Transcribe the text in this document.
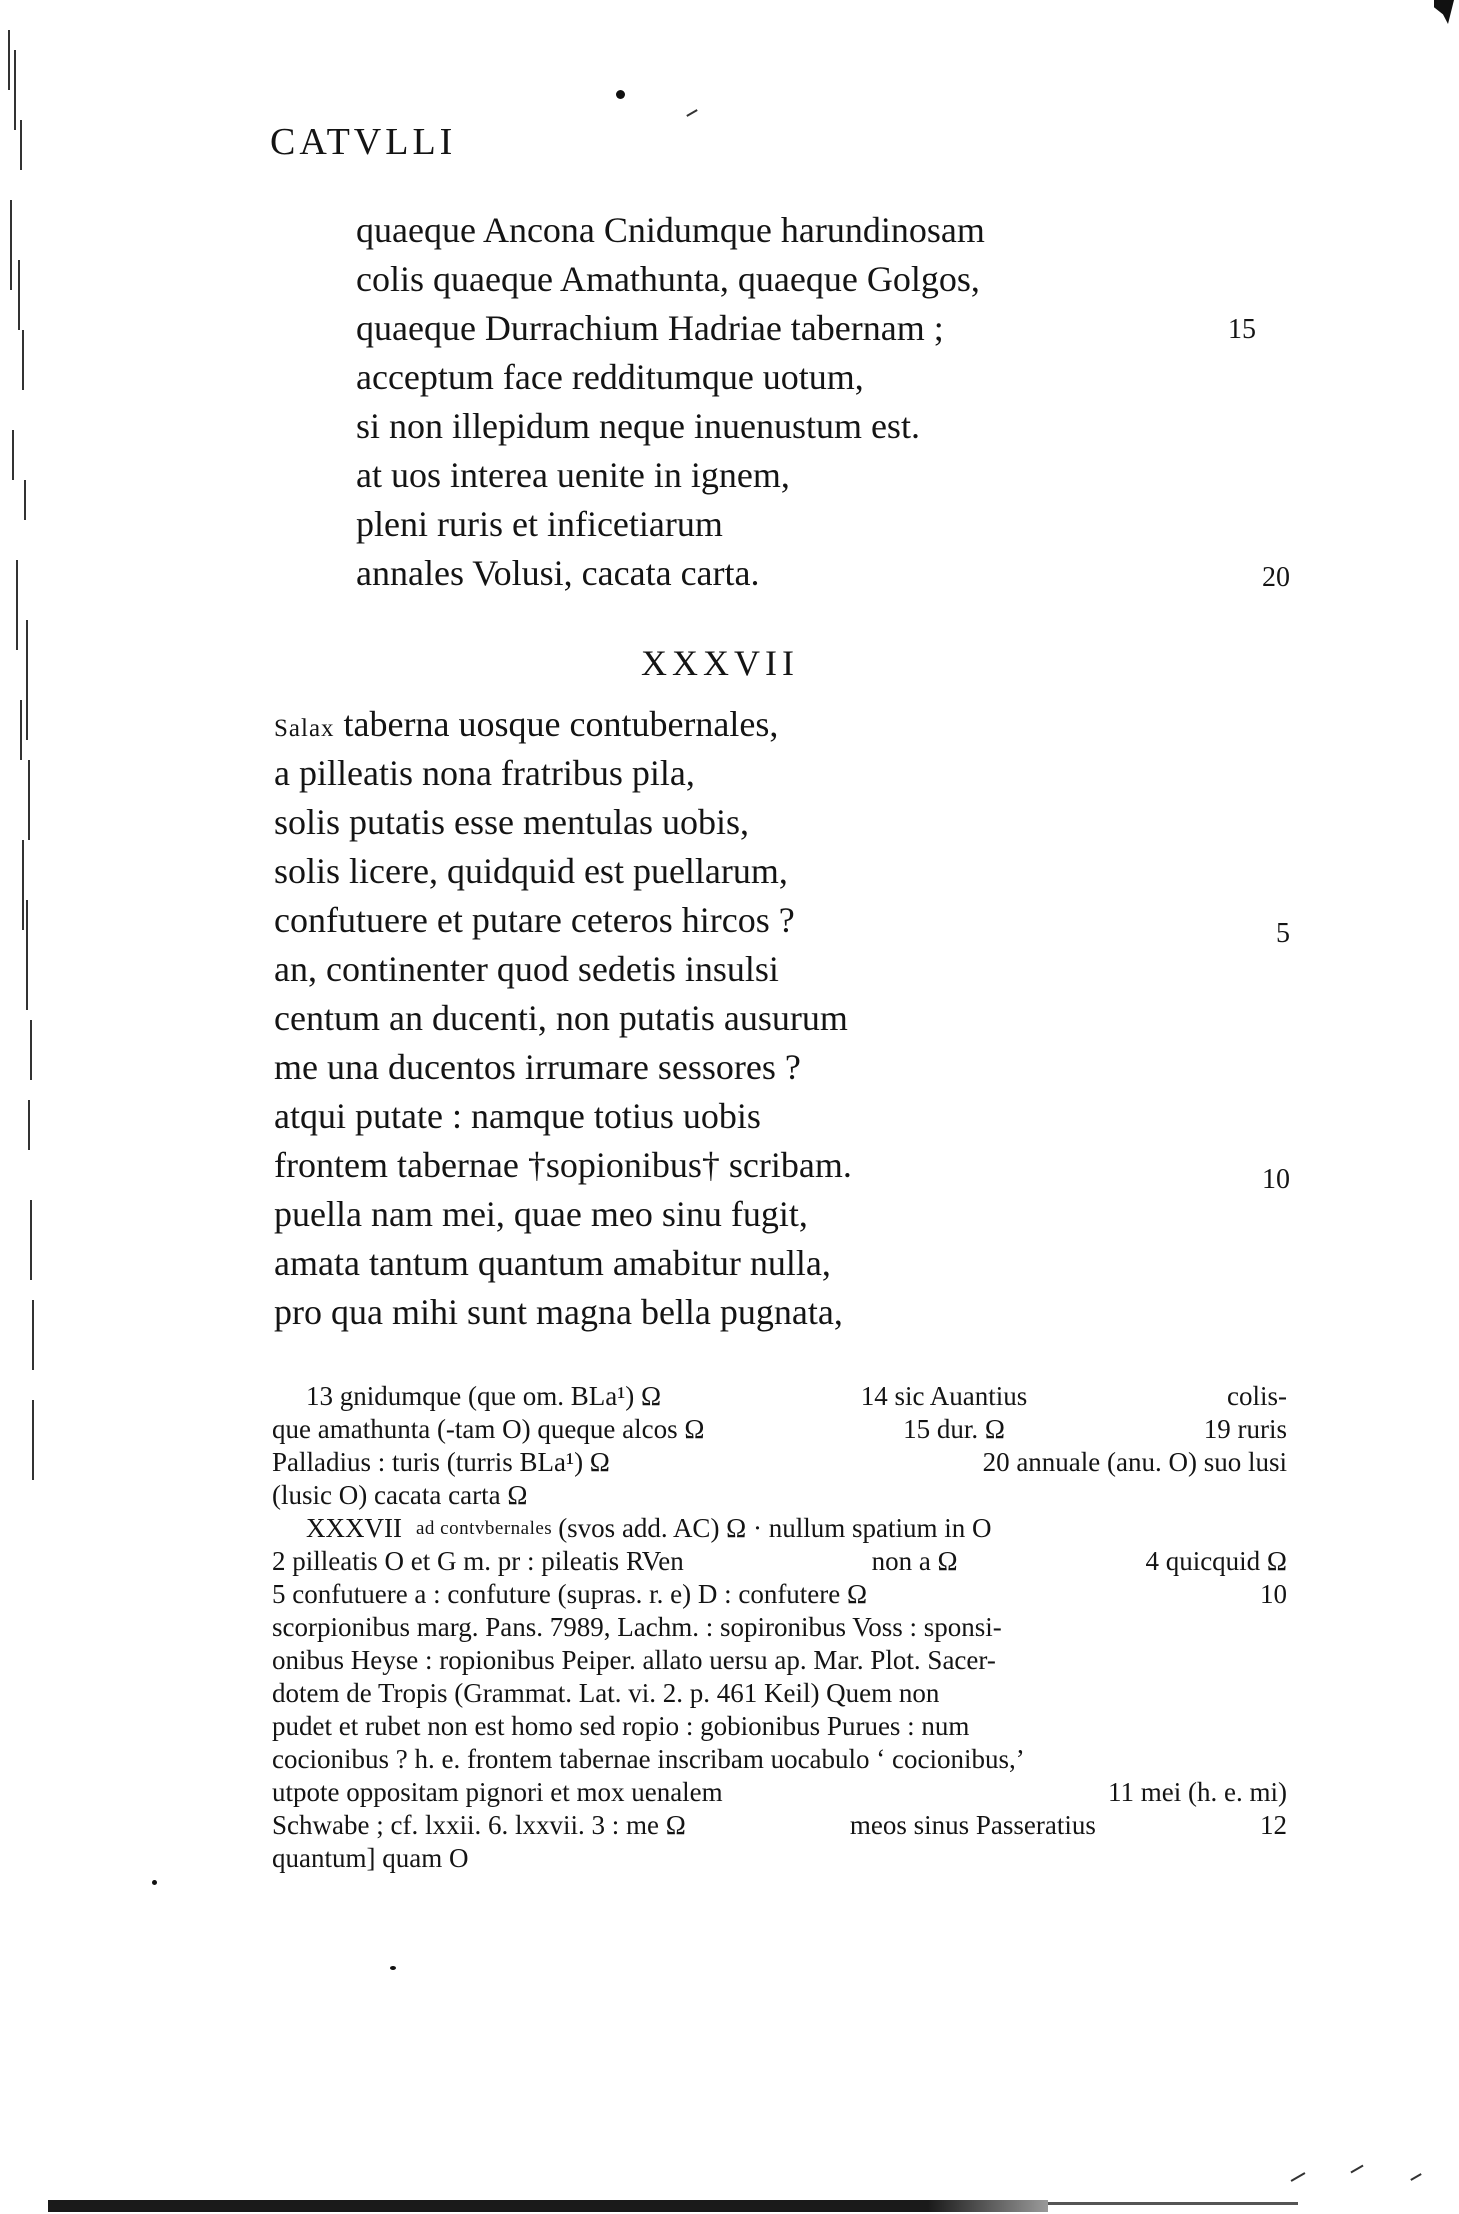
CATVLLI
quaeque Ancona Cnidumque harundinosam
colis quaeque Amathunta, quaeque Golgos,
quaeque Durrachium Hadriae tabernam ;
acceptum face redditumque uotum,
si non illepidum neque inuenustum est.
at uos interea uenite in ignem,
pleni ruris et inficetiarum
annales Volusi, cacata carta.
15
20
XXXVII
Salax taberna uosque contubernales,
a pilleatis nona fratribus pila,
solis putatis esse mentulas uobis,
solis licere, quidquid est puellarum,
confutuere et putare ceteros hircos ?
an, continenter quod sedetis insulsi
centum an ducenti, non putatis ausurum
me una ducentos irrumare sessores ?
atqui putate : namque totius uobis
frontem tabernae †sopionibus† scribam.
puella nam mei, quae meo sinu fugit,
amata tantum quantum amabitur nulla,
pro qua mihi sunt magna bella pugnata,
5
10
13 gnidumque (que om. BLa¹) Ω	14 sic Auantius	colis-
que amathunta (-tam O) queque alcos Ω	15 dur. Ω	19 ruris
Palladius : turis (turris BLa¹) Ω	20 annuale (anu. O) suo lusi
(lusic O) cacata carta Ω
XXXVII ad contvbernales (svos add. AC) Ω · nullum spatium in O
2 pilleatis O et G m. pr : pileatis RVen	non a Ω	4 quicquid Ω
5 confutuere a : confuture (supras. r. e) D : confutere Ω	10
scorpionibus marg. Pans. 7989, Lachm. : sopironibus Voss : sponsi-
onibus Heyse : ropionibus Peiper. allato uersu ap. Mar. Plot. Sacer-
dotem de Tropis (Grammat. Lat. vi. 2. p. 461 Keil) Quem non
pudet et rubet non est homo sed ropio : gobionibus Purues : num
cocionibus ? h. e. frontem tabernae inscribam uocabulo ‘ cocionibus,’
utpote oppositam pignori et mox uenalem	11 mei (h. e. mi)
Schwabe ; cf. lxxii. 6. lxxvii. 3 : me Ω	meos sinus Passeratius	12
quantum] quam O
